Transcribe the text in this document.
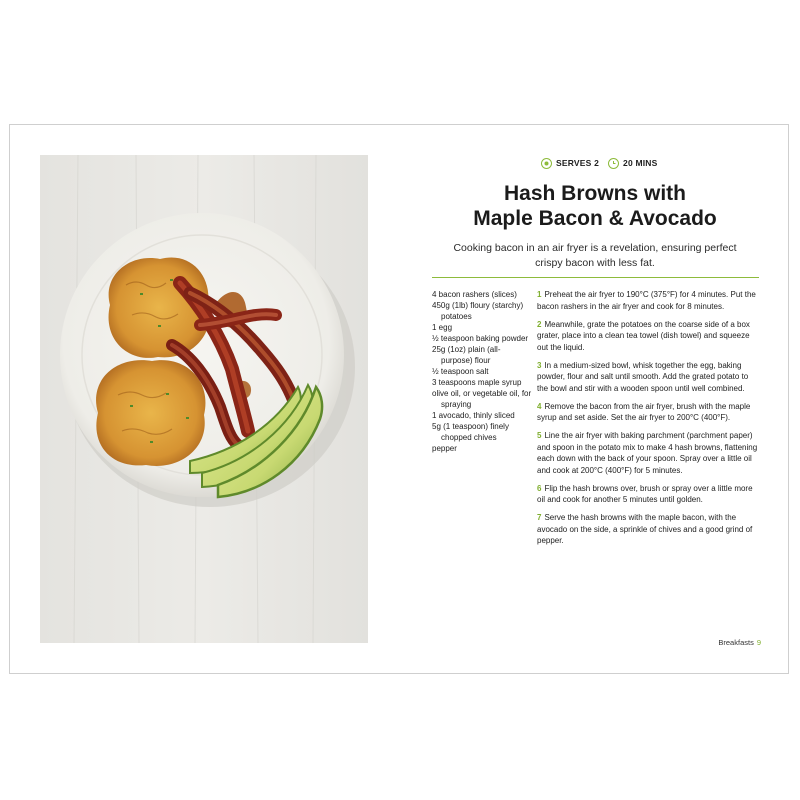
SERVES 2	20 MINS
Hash Browns with
Maple Bacon & Avocado
Cooking bacon in an air fryer is a revelation, ensuring perfect
crispy bacon with less fat.
4 bacon rashers (slices)
450g (1lb) floury (starchy) potatoes
1 egg
½ teaspoon baking powder
25g (1oz) plain (all-purpose) flour
½ teaspoon salt
3 teaspoons maple syrup
olive oil, or vegetable oil, for spraying
1 avocado, thinly sliced
5g (1 teaspoon) finely chopped chives
pepper
1 Preheat the air fryer to 190°C (375°F) for 4 minutes. Put the bacon rashers in the air fryer and cook for 8 minutes.
2 Meanwhile, grate the potatoes on the coarse side of a box grater, place into a clean tea towel (dish towel) and squeeze out the liquid.
3 In a medium-sized bowl, whisk together the egg, baking powder, flour and salt until smooth. Add the grated potato to the bowl and stir with a wooden spoon until well combined.
4 Remove the bacon from the air fryer, brush with the maple syrup and set aside. Set the air fryer to 200°C (400°F).
5 Line the air fryer with baking parchment (parchment paper) and spoon in the potato mix to make 4 hash browns, flattening each down with the back of your spoon. Spray over a little oil and cook at 200°C (400°F) for 5 minutes.
6 Flip the hash browns over, brush or spray over a little more oil and cook for another 5 minutes until golden.
7 Serve the hash browns with the maple bacon, with the avocado on the side, a sprinkle of chives and a good grind of pepper.
Breakfasts 9
